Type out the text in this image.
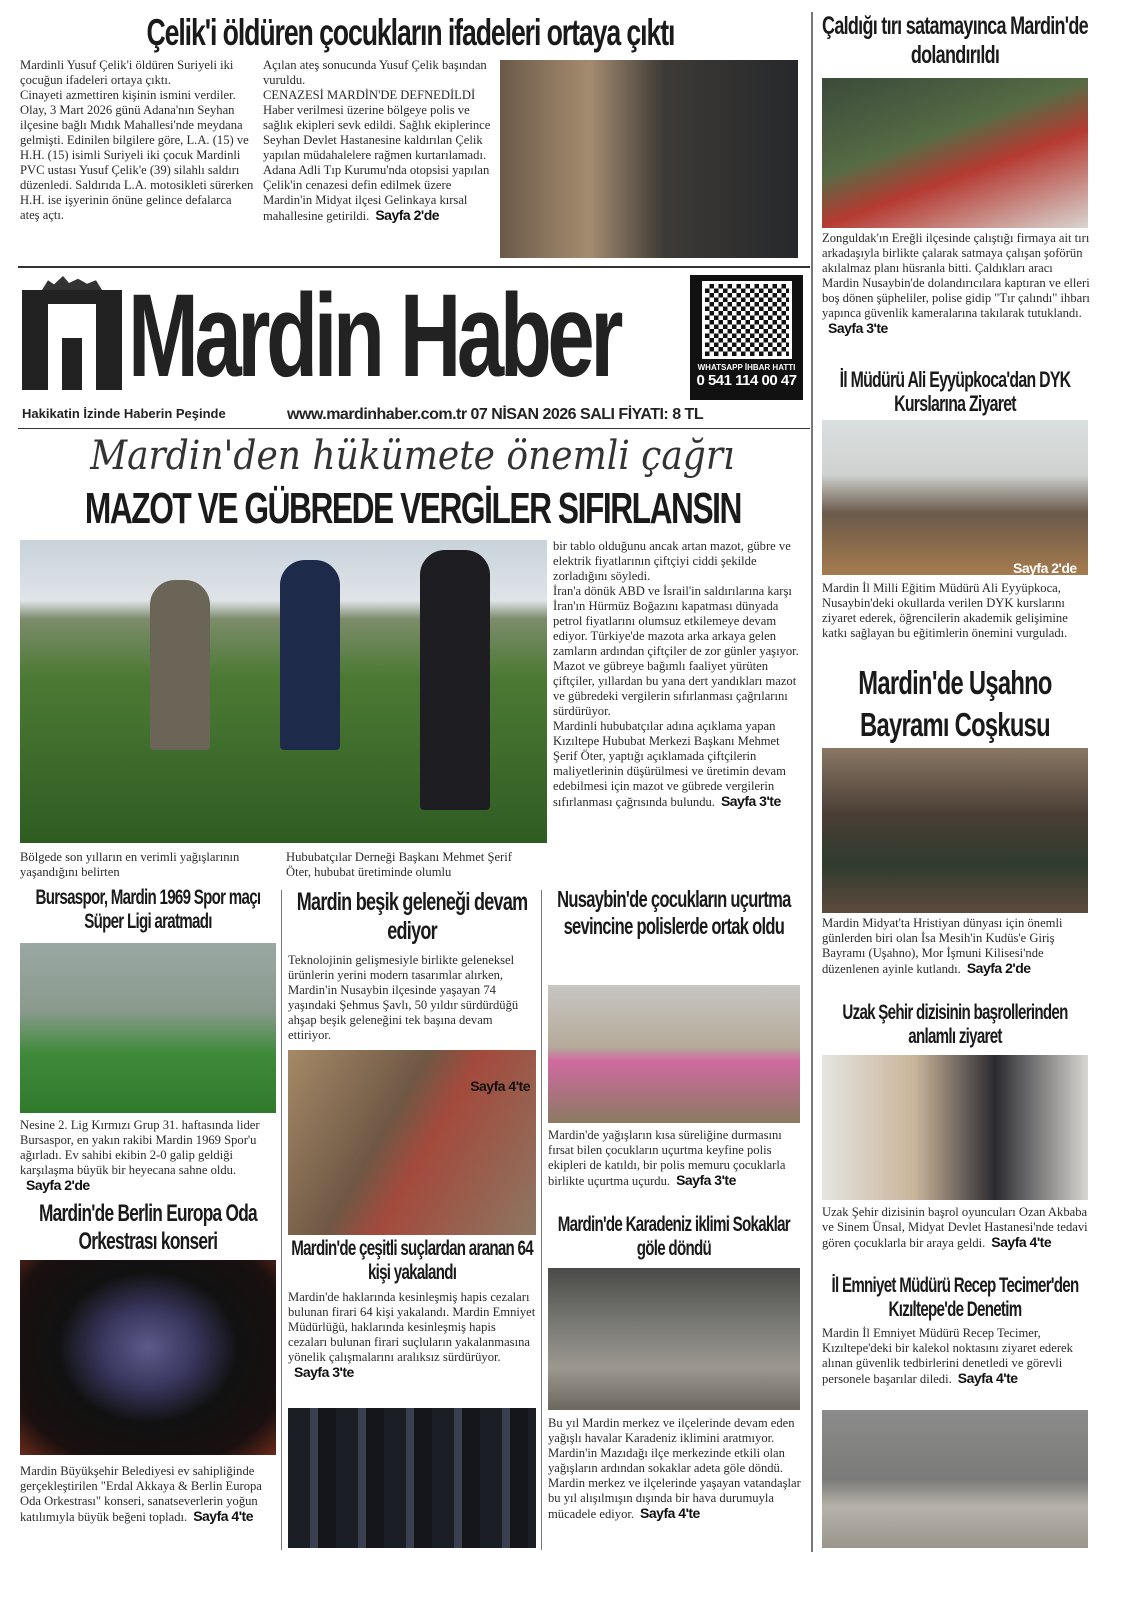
Çelik'i öldüren çocukların ifadeleri ortaya çıktı

Mardinli Yusuf Çelik'i öldüren Suriyeli iki çocuğun ifadeleri ortaya çıktı.

Cinayeti azmettiren kişinin ismini verdiler.

Olay, 3 Mart 2026 günü Adana'nın Seyhan ilçesine bağlı Mıdık Mahallesi'nde meydana gelmişti. Edinilen bilgilere göre, L.A. (15) ve H.H. (15) isimli Suriyeli iki çocuk Mardinli PVC ustası Yusuf Çelik'e (39) silahlı saldırı düzenledi. Saldırıda L.A. motosikleti sürerken H.H. ise işyerinin önüne gelince defalarca ateş açtı.

Açılan ateş sonucunda Yusuf Çelik başından vuruldu.

CENAZESİ MARDİN'DE DEFNEDİLDİ

Haber verilmesi üzerine bölgeye polis ve sağlık ekipleri sevk edildi. Sağlık ekiplerince Seyhan Devlet Hastanesine kaldırılan Çelik yapılan müdahalelere rağmen kurtarılamadı. Adana Adli Tıp Kurumu'nda otopsisi yapılan Çelik'in cenazesi defin edilmek üzere Mardin'in Midyat ilçesi Gelinkaya kırsal mahallesine getirildi. Sayfa 2'de

Mardin Haber	WHATSAPP İHBAR HATTI
0 541 114 00 47
Hakikatin İzinde Haberin Peşinde	www.mardinhaber.com.tr 07 NİSAN 2026 SALI FİYATI: 8 TL
Mardin'den hükümete önemli çağrı
MAZOT VE GÜBREDE VERGİLER SIFIRLANSIN
Bölgede son yılların en verimli yağışlarının yaşandığını belirten
Hububatçılar Derneği Başkanı Mehmet Şerif Öter, hububat üretiminde olumlu

bir tablo olduğunu ancak artan mazot, gübre ve elektrik fiyatlarının çiftçiyi ciddi şekilde zorladığını söyledi.

İran'a dönük ABD ve İsrail'in saldırılarına karşı İran'ın Hürmüz Boğazını kapatması dünyada petrol fiyatlarını olumsuz etkilemeye devam ediyor. Türkiye'de mazota arka arkaya gelen zamların ardından çiftçiler de zor günler yaşıyor. Mazot ve gübreye bağımlı faaliyet yürüten çiftçiler, yıllardan bu yana dert yandıkları mazot ve gübredeki vergilerin sıfırlanması çağrılarını sürdürüyor.

Mardinli hububatçılar adına açıklama yapan Kızıltepe Hububat Merkezi Başkanı Mehmet Şerif Öter, yaptığı açıklamada çiftçilerin maliyetlerinin düşürülmesi ve üretimin devam edebilmesi için mazot ve gübrede vergilerin sıfırlanması çağrısında bulundu. Sayfa 3'te

Çaldığı tırı satamayınca Mardin'de dolandırıldı
Zonguldak'ın Ereğli ilçesinde çalıştığı firmaya ait tırı arkadaşıyla birlikte çalarak satmaya çalışan şoförün akılalmaz planı hüsranla bitti. Çaldıkları aracı Mardin Nusaybin'de dolandırıcılara kaptıran ve elleri boş dönen şüpheliler, polise gidip "Tır çalındı" ihbarı yapınca güvenlik kameralarına takılarak tutuklandı.Sayfa 3'te
İl Müdürü Ali Eyyüpkoca'dan DYK Kurslarına Ziyaret
Mardin İl Milli Eğitim Müdürü Ali Eyyüpkoca, Nusaybin'deki okullarda verilen DYK kurslarını ziyaret ederek, öğrencilerin akademik gelişimine katkı sağlayan bu eğitimlerin önemini vurguladı.
Sayfa 2'de
Mardin'de Uşahno Bayramı Coşkusu
Mardin Midyat'ta Hristiyan dünyası için önemli günlerden biri olan İsa Mesih'in Kudüs'e Giriş Bayramı (Uşahno), Mor İşmuni Kilisesi'nde düzenlenen ayinle kutlandı. Sayfa 2'de
Uzak Şehir dizisinin başrollerinden anlamlı ziyaret
Uzak Şehir dizisinin başrol oyuncuları Ozan Akbaba ve Sinem Ünsal, Midyat Devlet Hastanesi'nde tedavi gören çocuklarla bir araya geldi. Sayfa 4'te
İl Emniyet Müdürü Recep Tecimer'den Kızıltepe'de Denetim
Mardin İl Emniyet Müdürü Recep Tecimer, Kızıltepe'deki bir kalekol noktasını ziyaret ederek alınan güvenlik tedbirlerini denetledi ve görevli personele başarılar diledi. Sayfa 4'te
Bursaspor, Mardin 1969 Spor maçı Süper Ligi aratmadı
Nesine 2. Lig Kırmızı Grup 31. haftasında lider Bursaspor, en yakın rakibi Mardin 1969 Spor'u ağırladı. Ev sahibi ekibin 2-0 galip geldiği karşılaşma büyük bir heyecana sahne oldu.Sayfa 2'de
Mardin'de Berlin Europa Oda Orkestrası konseri
Mardin Büyükşehir Belediyesi ev sahipliğinde gerçekleştirilen "Erdal Akkaya & Berlin Europa Oda Orkestrası" konseri, sanatseverlerin yoğun katılımıyla büyük beğeni topladı. Sayfa 4'te
Mardin beşik geleneği devam ediyor
Teknolojinin gelişmesiyle birlikte geleneksel ürünlerin yerini modern tasarımlar alırken, Mardin'in Nusaybin ilçesinde yaşayan 74 yaşındaki Şehmus Şavlı, 50 yıldır sürdürdüğü ahşap beşik geleneğini tek başına devam ettiriyor.
Sayfa 4'te
Mardin'de çeşitli suçlardan aranan 64 kişi yakalandı
Mardin'de haklarında kesinleşmiş hapis cezaları bulunan firari 64 kişi yakalandı. Mardin Emniyet Müdürlüğü, haklarında kesinleşmiş hapis cezaları bulunan firari suçluların yakalanmasına yönelik çalışmalarını aralıksız sürdürüyor.Sayfa 3'te
Nusaybin'de çocukların uçurtma sevincine polislerde ortak oldu
Mardin'de yağışların kısa süreliğine durmasını fırsat bilen çocukların uçurtma keyfine polis ekipleri de katıldı, bir polis memuru çocuklarla birlikte uçurtma uçurdu. Sayfa 3'te
Mardin'de Karadeniz iklimi Sokaklar göle döndü
Bu yıl Mardin merkez ve ilçelerinde devam eden yağışlı havalar Karadeniz iklimini aratmıyor. Mardin'in Mazıdağı ilçe merkezinde etkili olan yağışların ardından sokaklar adeta göle döndü. Mardin merkez ve ilçelerinde yaşayan vatandaşlar bu yıl alışılmışın dışında bir hava durumuyla mücadele ediyor. Sayfa 4'te
